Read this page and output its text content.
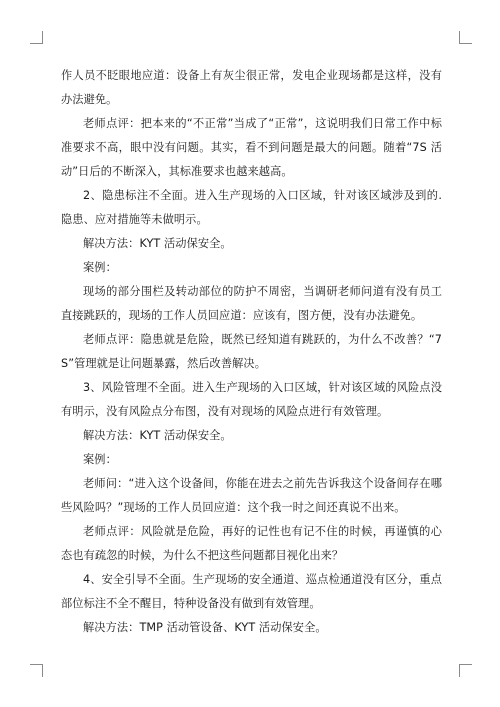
作人员不眨眼地应道：设备上有灰尘很正常，发电企业现场都是这样，没有办法避免。

老师点评：把本来的“不正常”当成了“正常”，这说明我们日常工作中标准要求不高，眼中没有问题。其实，看不到问题是最大的问题。随着“7S 活动”日后的不断深入，其标准要求也越来越高。

2、隐患标注不全面。进入生产现场的入口区域，针对该区域涉及到的.隐患、应对措施等未做明示。

解决方法：KYT 活动保安全。

案例：

现场的部分围栏及转动部位的防护不周密，当调研老师问道有没有员工直接跳跃的，现场的工作人员回应道：应该有，图方便，没有办法避免。

老师点评：隐患就是危险，既然已经知道有跳跃的，为什么不改善？“7S”管理就是让问题暴露，然后改善解决。

3、风险管理不全面。进入生产现场的入口区域，针对该区域的风险点没有明示，没有风险点分布图，没有对现场的风险点进行有效管理。

解决方法：KYT 活动保安全。

案例：

老师问：“进入这个设备间，你能在进去之前先告诉我这个设备间存在哪些风险吗？”现场的工作人员回应道：这个我一时之间还真说不出来。

老师点评：风险就是危险，再好的记性也有记不住的时候，再谨慎的心态也有疏忽的时候，为什么不把这些问题都目视化出来？

4、安全引导不全面。生产现场的安全通道、巡点检通道没有区分，重点部位标注不全不醒目，特种设备没有做到有效管理。

解决方法：TMP 活动管设备、KYT 活动保安全。
